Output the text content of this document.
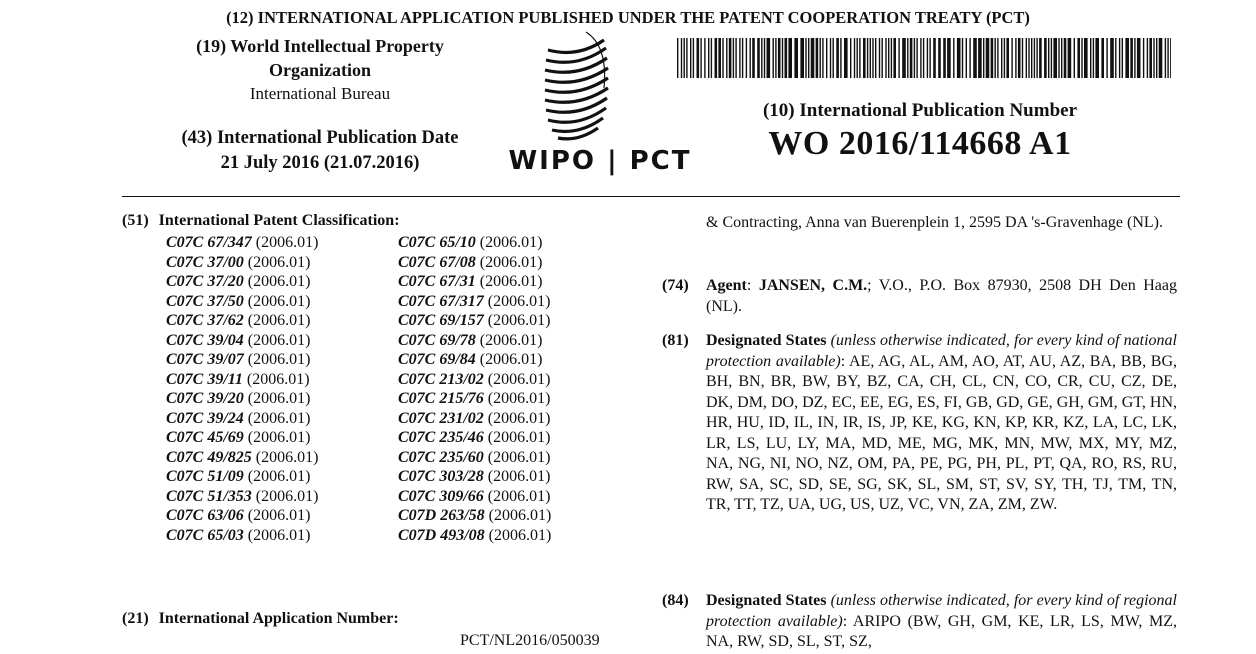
(12) INTERNATIONAL APPLICATION PUBLISHED UNDER THE PATENT COOPERATION TREATY (PCT)
(19) World Intellectual Property
Organization
International Bureau
(43) International Publication Date
21 July 2016 (21.07.2016)	WIPO | PCT
(10) International Publication Number
WO 2016/114668 A1
(51) International Patent Classification:
C07C 67/347 (2006.01)
C07C 37/00 (2006.01)
C07C 37/20 (2006.01)
C07C 37/50 (2006.01)
C07C 37/62 (2006.01)
C07C 39/04 (2006.01)
C07C 39/07 (2006.01)
C07C 39/11 (2006.01)
C07C 39/20 (2006.01)
C07C 39/24 (2006.01)
C07C 45/69 (2006.01)
C07C 49/825 (2006.01)
C07C 51/09 (2006.01)
C07C 51/353 (2006.01)
C07C 63/06 (2006.01)
C07C 65/03 (2006.01)
C07C 65/10 (2006.01)
C07C 67/08 (2006.01)
C07C 67/31 (2006.01)
C07C 67/317 (2006.01)
C07C 69/157 (2006.01)
C07C 69/78 (2006.01)
C07C 69/84 (2006.01)
C07C 213/02 (2006.01)
C07C 215/76 (2006.01)
C07C 231/02 (2006.01)
C07C 235/46 (2006.01)
C07C 235/60 (2006.01)
C07C 303/28 (2006.01)
C07C 309/66 (2006.01)
C07D 263/58 (2006.01)
C07D 493/08 (2006.01)
(21) International Application Number:
PCT/NL2016/050039
& Contracting, Anna van Buerenplein 1, 2595 DA 's-Gravenhage (NL).
(74) Agent: JANSEN, C.M.; V.O., P.O. Box 87930, 2508 DH Den Haag (NL).
(81) Designated States (unless otherwise indicated, for every kind of national protection available): AE, AG, AL, AM, AO, AT, AU, AZ, BA, BB, BG, BH, BN, BR, BW, BY, BZ, CA, CH, CL, CN, CO, CR, CU, CZ, DE, DK, DM, DO, DZ, EC, EE, EG, ES, FI, GB, GD, GE, GH, GM, GT, HN, HR, HU, ID, IL, IN, IR, IS, JP, KE, KG, KN, KP, KR, KZ, LA, LC, LK, LR, LS, LU, LY, MA, MD, ME, MG, MK, MN, MW, MX, MY, MZ, NA, NG, NI, NO, NZ, OM, PA, PE, PG, PH, PL, PT, QA, RO, RS, RU, RW, SA, SC, SD, SE, SG, SK, SL, SM, ST, SV, SY, TH, TJ, TM, TN, TR, TT, TZ, UA, UG, US, UZ, VC, VN, ZA, ZM, ZW.
(84) Designated States (unless otherwise indicated, for every kind of regional protection available): ARIPO (BW, GH, GM, KE, LR, LS, MW, MZ, NA, RW, SD, SL, ST, SZ,
